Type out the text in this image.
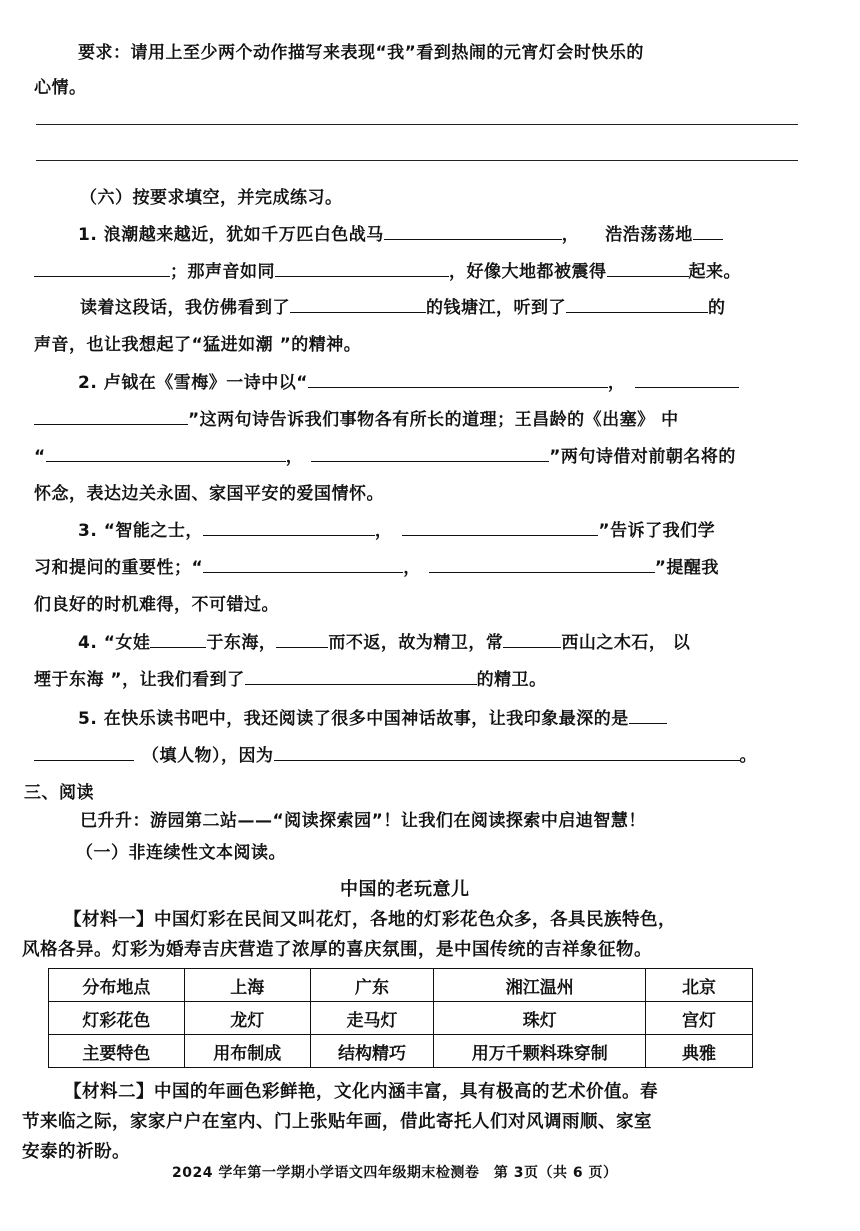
要求：请用上至少两个动作描写来表现“我”看到热闹的元宵灯会时快乐的
心情。
（六）按要求填空，并完成练习。
1. 浪潮越来越近，犹如千万匹白色战马	， 浩浩荡荡地
；那声音如同	，好像大地都被震得	起来。
读着这段话，我仿佛看到了	的钱塘江，听到了	的
声音，也让我想起了“猛进如潮 ”的精神。
2. 卢钺在《雪梅》一诗中以“	，
”这两句诗告诉我们事物各有所长的道理；王昌龄的《出塞》 中
“	，	”两句诗借对前朝名将的
怀念，表达边关永固、家国平安的爱国情怀。
3. “智能之士，	，	”告诉了我们学
习和提问的重要性；“	，	”提醒我
们良好的时机难得，不可错过。
4. “女娃	于东海，	而不返，故为精卫，常	西山之木石， 以
堙于东海 ”，让我们看到了	的精卫。
5. 在快乐读书吧中，我还阅读了很多中国神话故事，让我印象最深的是
（填人物），因为	。
三、阅读
巳升升：游园第二站——“阅读探索园”！让我们在阅读探索中启迪智慧！
（一）非连续性文本阅读。
中国的老玩意儿
【材料一】中国灯彩在民间又叫花灯，各地的灯彩花色众多，各具民族特色，
风格各异。灯彩为婚寿吉庆营造了浓厚的喜庆氛围，是中国传统的吉祥象征物。
分布地点	上海	广东	湘江温州	北京
灯彩花色	龙灯	走马灯	珠灯	宫灯
主要特色	用布制成	结构精巧	用万千颗料珠穿制	典雅
【材料二】中国的年画色彩鲜艳，文化内涵丰富，具有极高的艺术价值。春
节来临之际，家家户户在室内、门上张贴年画，借此寄托人们对风调雨顺、家室
安泰的祈盼。
2024 学年第一学期小学语文四年级期末检测卷　第 3页（共 6 页）
